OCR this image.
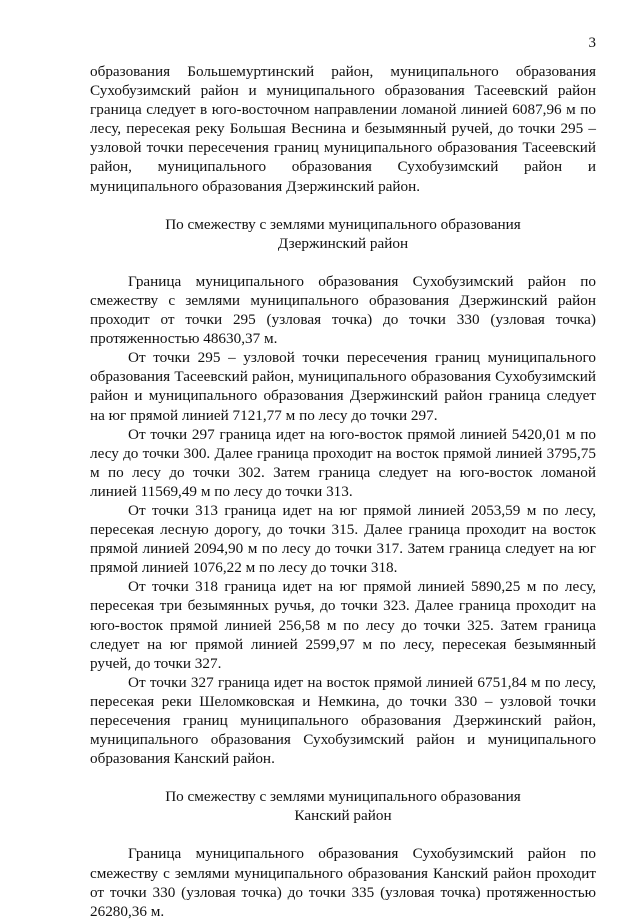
3

образования Большемуртинский район, муниципального образования Сухобузимский район и муниципального образования Тасеевский район граница следует в юго-восточном направлении ломаной линией 6087,96 м по лесу, пересекая реку Большая Веснина и безымянный ручей, до точки 295 – узловой точки пересечения границ муниципального образования Тасеевский район, муниципального образования Сухобузимский район и муниципального образования Дзержинский район.

По смежеству с землями муниципального образования
Дзержинский район

Граница муниципального образования Сухобузимский район по смежеству с землями муниципального образования Дзержинский район проходит от точки 295 (узловая точка) до точки 330 (узловая точка) протяженностью 48630,37 м.

От точки 295 – узловой точки пересечения границ муниципального образования Тасеевский район, муниципального образования Сухобузимский район и муниципального образования Дзержинский район граница следует на юг прямой линией 7121,77 м по лесу до точки 297.

От точки 297 граница идет на юго-восток прямой линией 5420,01 м по лесу до точки 300. Далее граница проходит на восток прямой линией 3795,75 м по лесу до точки 302. Затем граница следует на юго-восток ломаной линией 11569,49 м по лесу до точки 313.

От точки 313 граница идет на юг прямой линией 2053,59 м по лесу, пересекая лесную дорогу, до точки 315. Далее граница проходит на восток прямой линией 2094,90 м по лесу до точки 317. Затем граница следует на юг прямой линией 1076,22 м по лесу до точки 318.

От точки 318 граница идет на юг прямой линией 5890,25 м по лесу, пересекая три безымянных ручья, до точки 323. Далее граница проходит на юго-восток прямой линией 256,58 м по лесу до точки 325. Затем граница следует на юг прямой линией 2599,97 м по лесу, пересекая безымянный ручей, до точки 327.

От точки 327 граница идет на восток прямой линией 6751,84 м по лесу, пересекая реки Шеломковская и Немкина, до точки 330 – узловой точки пересечения границ муниципального образования Дзержинский район, муниципального образования Сухобузимский район и муниципального образования Канский район.

По смежеству с землями муниципального образования
Канский район

Граница муниципального образования Сухобузимский район по смежеству с землями муниципального образования Канский район проходит от точки 330 (узловая точка) до точки 335 (узловая точка) протяженностью 26280,36 м.
